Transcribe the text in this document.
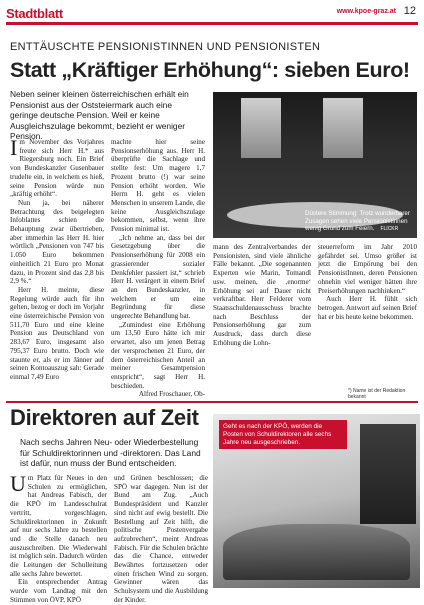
Stadtblatt	www.kpoe-graz.at 12
ENTTÄUSCHTE PENSIONISTINNEN UND PENSIONISTEN
Statt „Kräftiger Erhöhung“: sieben Euro!
Neben seiner kleinen österreichischen erhält ein Pensionist aus der Oststeiermark auch eine geringe deutsche Pension. Weil er keine Ausgleichszulage bekommt, bezieht er weniger Pension.
Düstere Stimmung: Trotz wunderbarer Zusagen sehen viele Pensionistinnen wenig Grund zum Feiern. FLICKR

Im November des Vorjahres freute sich Herr H.* aus Riegersburg noch. Ein Brief von Bundeskanzler Gusenbauer trudelte ein, in welchem es hieß, seine Pension würde nun „kräftig erhöht“.

Nun ja, bei näherer Betrachtung des beigelegten Infoblattes schien die Behauptung zwar übertrieben, aber immerhin las Herr H. hier wörtlich „Pensionen von 747 bis 1.050 Euro bekommen einheitlich 21 Euro pro Monat dazu, in Prozent sind das 2,8 bis 2,9 %.“

Herr H. meinte, diese Regelung würde auch für ihn gelten, bezog er doch im Vorjahr eine österreichische Pension von 511,70 Euro und eine kleine Pension aus Deutschland von 283,67 Euro, insgesamt also 795,37 Euro brutto. Doch wie staunte er, als er im Jänner auf seinen Kontoauszug sah: Gerade einmal 7,49 Euro

machte hier seine Pensionserhöhung aus. Herr H. überprüfte die Sachlage und stellte fest: Um magere 1,7 Prozent brutto (!) war seine Pension erhöht worden. Wie Herrn H. geht es vielen Menschen in unserem Lande, die keine Ausgleichszulage bekommen, selbst, wenn ihre Pension minimal ist.

„Ich nehme an, dass bei der Gesetzgebung über die Pensionserhöhung für 2008 ein grassierender sozialer Denkfehler passiert ist,“ schrieb Herr H. verärgert in einem Brief an den Bundeskanzler, in welchem er um eine Begründung für diese ungerechte Behandlung bat.

„Zumindest eine Erhöhung um 13,50 Euro hätte ich mir erwartet, also um jenen Betrag der versprochenen 21 Euro, der dem österreichischen Anteil an meiner Gesamtpension entspricht“, sagt Herr H. beschieden.

Alfred Froschauer, Ob-

mann des Zentralverbandes der Pensionisten, sind viele ähnliche Fälle bekannt. „Die sogenannten Experten wie Marin, Tomandl usw. meinen, die ‚enorme‘ Erhöhung sei auf Dauer nicht verkraftbar. Herr Felderer vom Staatsschuldenausschuss brachte nach Beschluss der Pensionserhöhung gar zum Ausdruck, dass durch diese Erhöhung die Lohn-

steuerreform im Jahr 2010 gefährdet sei. Umso größer ist jetzt die Empörung bei den PensionistInnen, deren Pensionen ohnehin viel weniger hätten ihre Preiserhöhungen nachhinken.“

Auch Herr H. fühlt sich betrogen. Antwort auf seinen Brief hat er bis heute keine bekommen.

*) Name ist der Redaktion bekannt
Direktoren auf Zeit
Nach sechs Jahren Neu- oder Wiederbestellung für Schuldirektorinnen und -direktoren. Das Land ist dafür, nun muss der Bund entscheiden.

Um Platz für Neues in den Schulen zu ermöglichen, hat Andreas Fabisch, der die KPÖ im Landesschulrat vertritt, vorgeschlagen, Schuldirektorinnen in Zukunft auf nur sechs Jahre zu bestellen und die Stelle danach neu auszuschreiben. Die Wiederwahl ist möglich sein. Dadurch würden die Leitungen der Schulleitung alle sechs Jahre bewertet.

Ein entsprechender Antrag wurde vom Landtag mit den Stimmen von ÖVP, KPÖ

und Grünen beschlossen; die SPÖ war dagegen. Nun ist der Bund am Zug. „Auch Bundespräsident und Kanzler sind nicht auf ewig bestellt. Die Bestellung auf Zeit hilft, die politische Postenvergabe aufzubrechen“, meint Andreas Fabisch. Für die Schulen brächte das die Chance, entweder Bewährtes fortzusetzen oder einen frischen Wind zu sorgen. Gewinner wären das Schulsystem und die Ausbildung der Kinder.

Geht es nach der KPÖ, werden die Posten von Schuldirektoren alle sechs Jahre neu ausgeschrieben.
